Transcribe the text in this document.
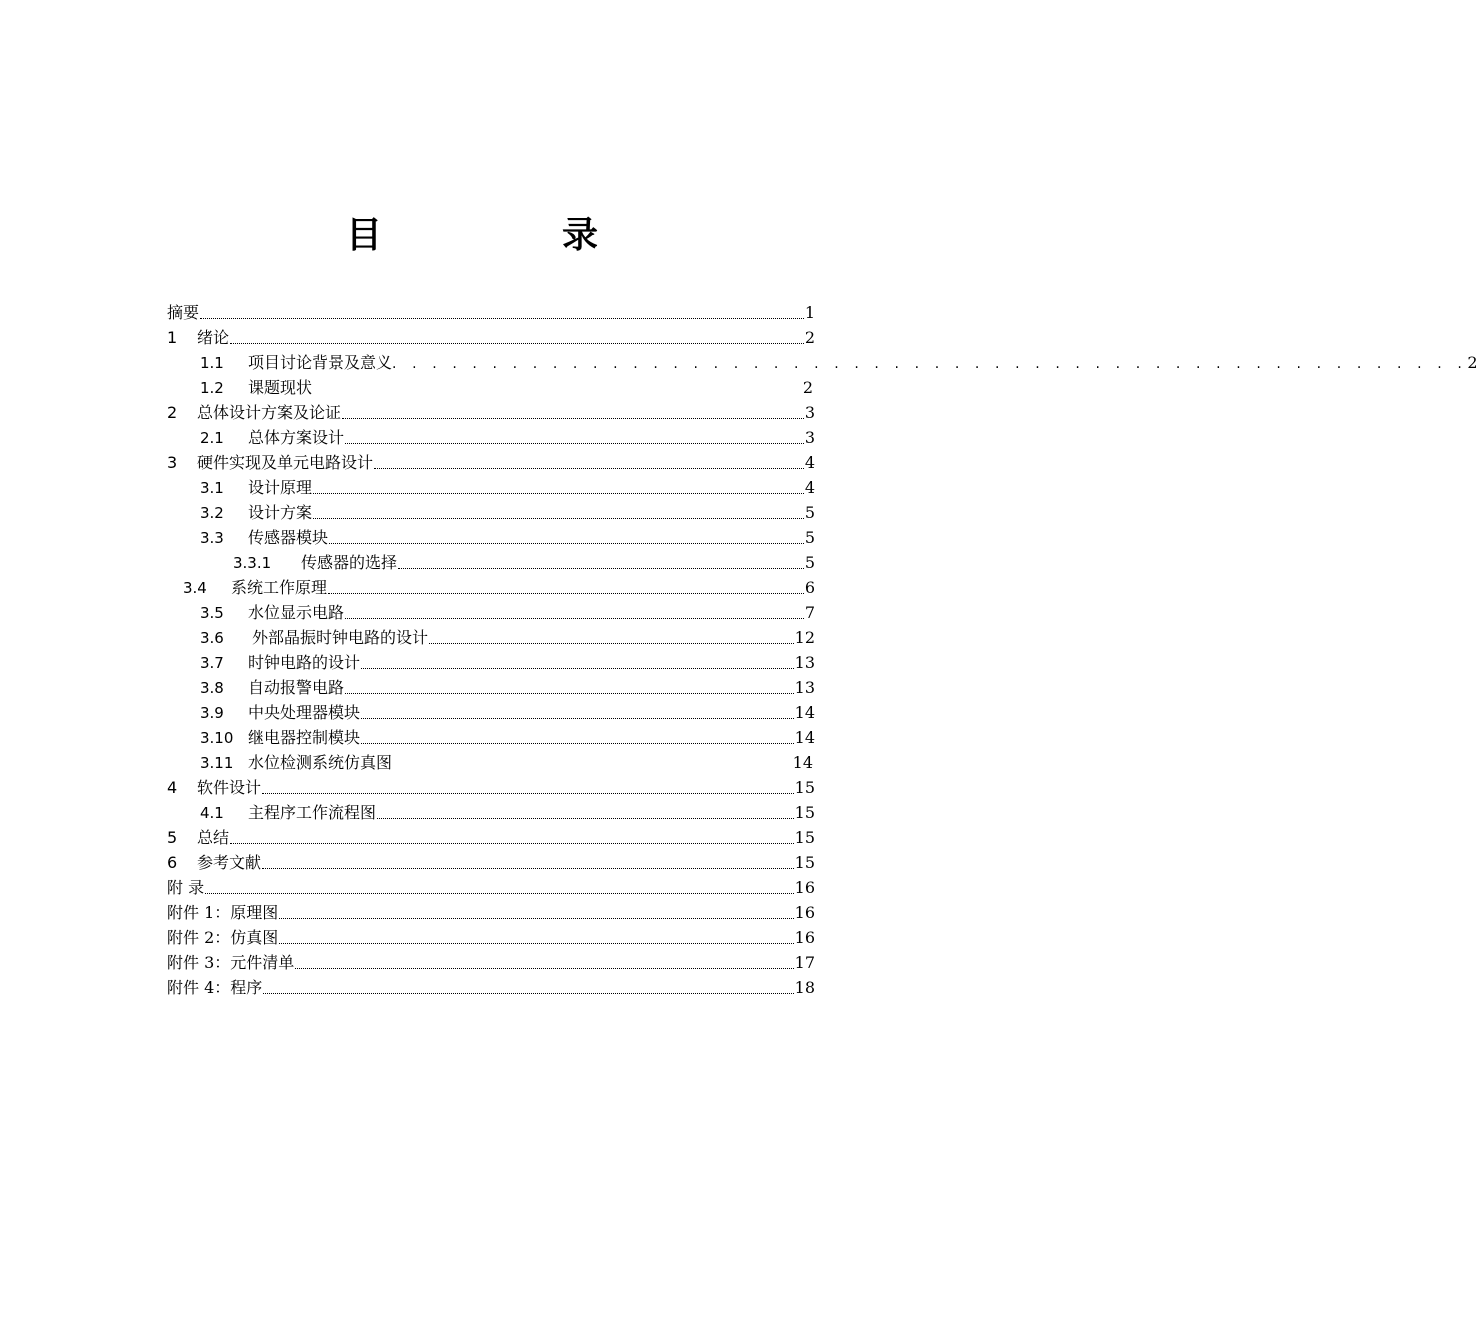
目　录
摘要	1
1	绪论	2
1.1	项目讨论背景及意义 . . . . . . . . . . . . . . . . . . . . . . . . . . . . . . . . . . . . . . . . . . . . . . . . . . . . . . 2
1.2	课题现状	2
2	总体设计方案及论证	3
2.1	总体方案设计	3
3	硬件实现及单元电路设计	4
3.1	设计原理	4
3.2	设计方案	5
3.3	传感器模块	5
3.3.1	传感器的选择	5
3.4	系统工作原理	6
3.5	水位显示电路	7
3.6	外部晶振时钟电路的设计	12
3.7	时钟电路的设计	13
3.8	自动报警电路	13
3.9	中央处理器模块	14
3.10 继电器控制模块	14
3.11 水位检测系统仿真图	14
4	软件设计	15
4.1	主程序工作流程图	15
5	总结	15
6	参考文献	15
附 录	16
附件 1：原理图	16
附件 2：仿真图	16
附件 3：元件清单	17
附件 4：程序	18
